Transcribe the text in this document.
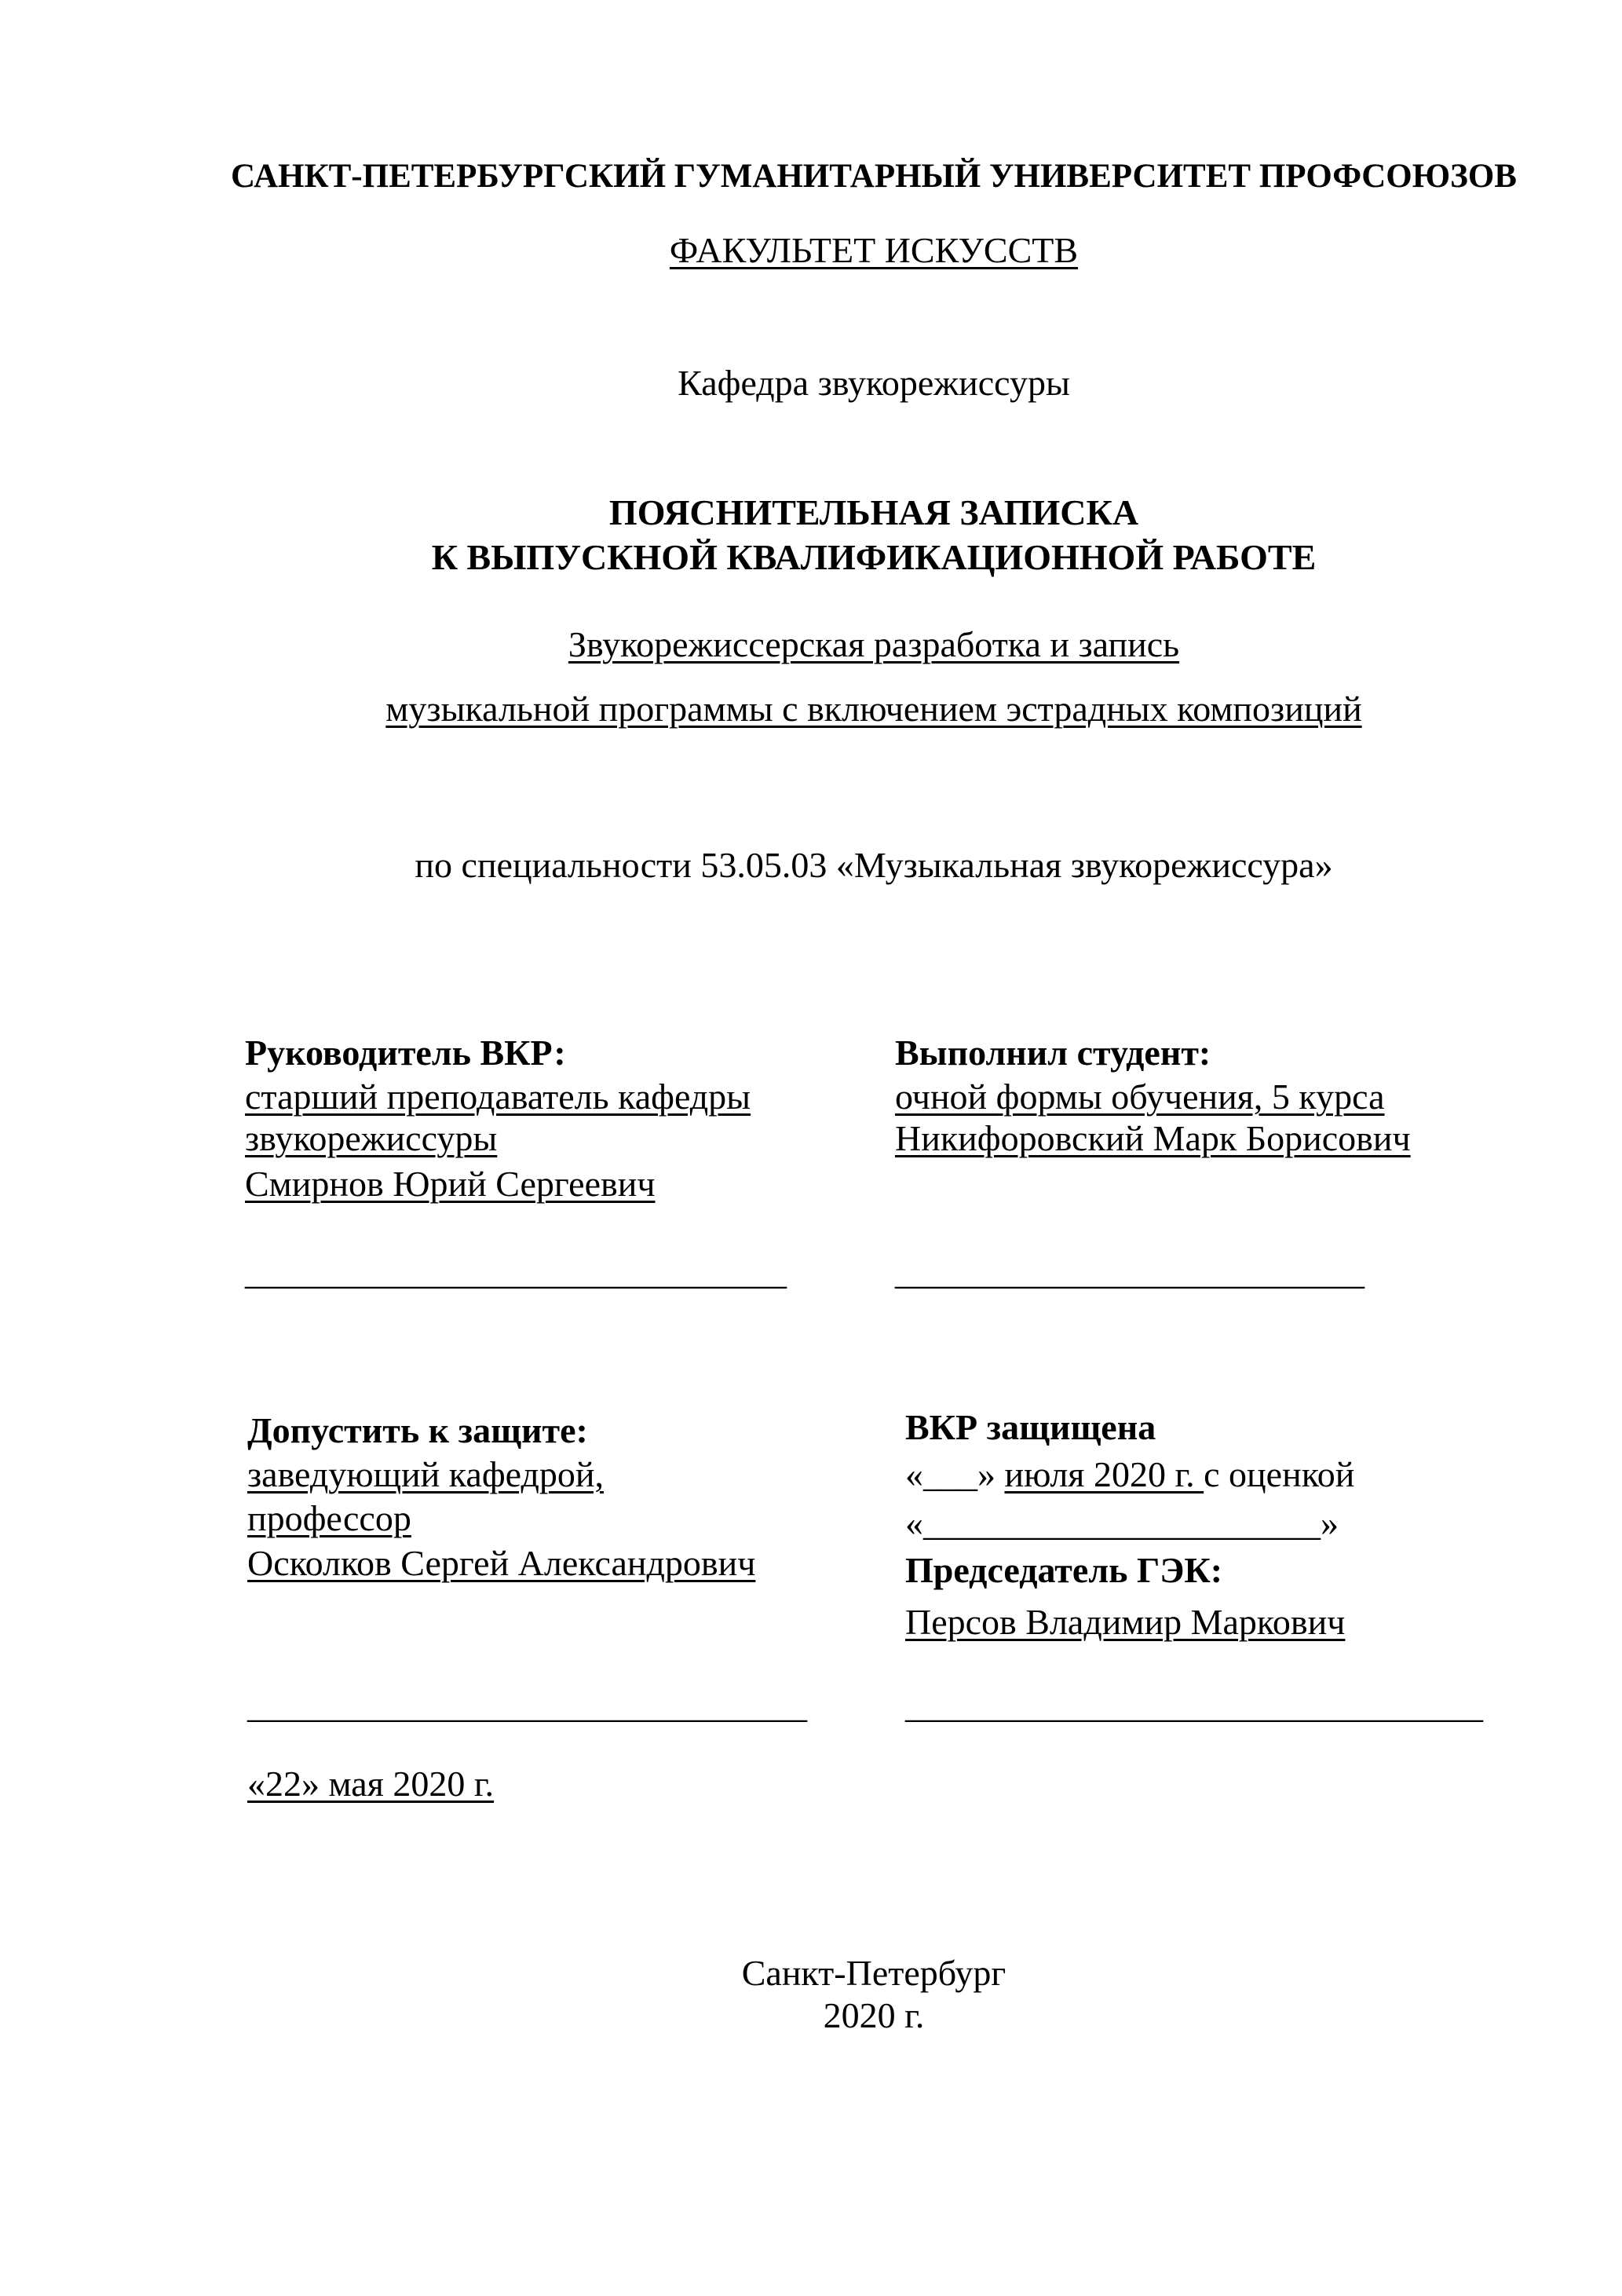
САНКТ-ПЕТЕРБУРГСКИЙ ГУМАНИТАРНЫЙ УНИВЕРСИТЕТ ПРОФСОЮЗОВ
ФАКУЛЬТЕТ ИСКУССТВ
Кафедра звукорежиссуры
ПОЯСНИТЕЛЬНАЯ ЗАПИСКА
К ВЫПУСКНОЙ КВАЛИФИКАЦИОННОЙ РАБОТЕ
Звукорежиссерская разработка и запись
музыкальной программы с включением эстрадных композиций
по специальности 53.05.03 «Музыкальная звукорежиссура»
Руководитель ВКР:
старший преподаватель кафедры
звукорежиссуры
Смирнов Юрий Сергеевич
______________________________
Выполнил студент:
очной формы обучения, 5 курса
Никифоровский Марк Борисович
__________________________
Допустить к защите:
заведующий кафедрой,
профессор
Осколков Сергей Александрович
_______________________________
«22» мая 2020 г.
ВКР защищена
«___» июля 2020 г. с оценкой
«______________________»
Председатель ГЭК:
Персов Владимир Маркович
________________________________
Санкт-Петербург
2020 г.
